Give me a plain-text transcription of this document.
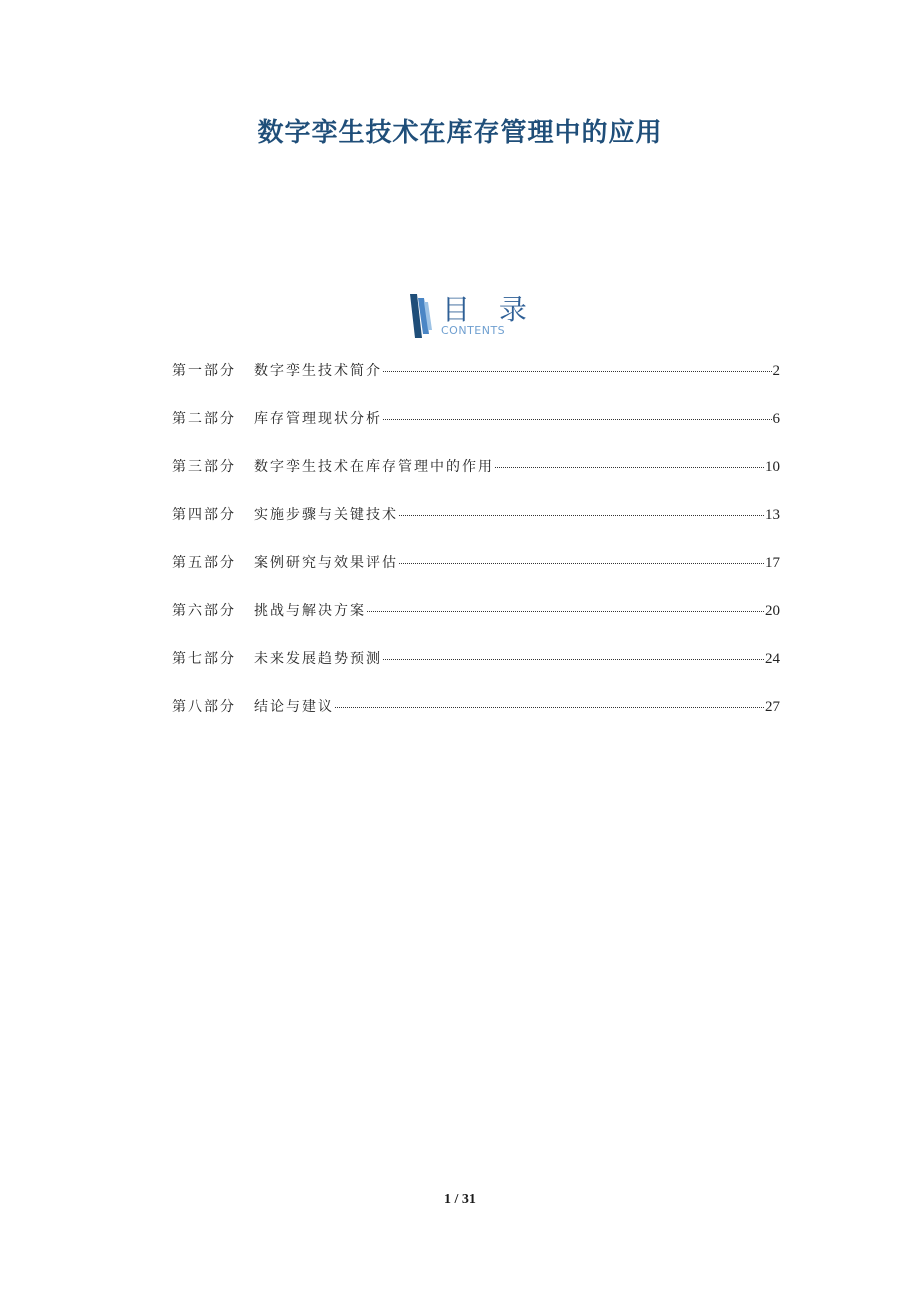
数字孪生技术在库存管理中的应用
目 录
CONTENTS
第一部分	数字孪生技术简介	2
第二部分	库存管理现状分析	6
第三部分	数字孪生技术在库存管理中的作用	10
第四部分	实施步骤与关键技术	13
第五部分	案例研究与效果评估	17
第六部分	挑战与解决方案	20
第七部分	未来发展趋势预测	24
第八部分	结论与建议	27
1 / 31
